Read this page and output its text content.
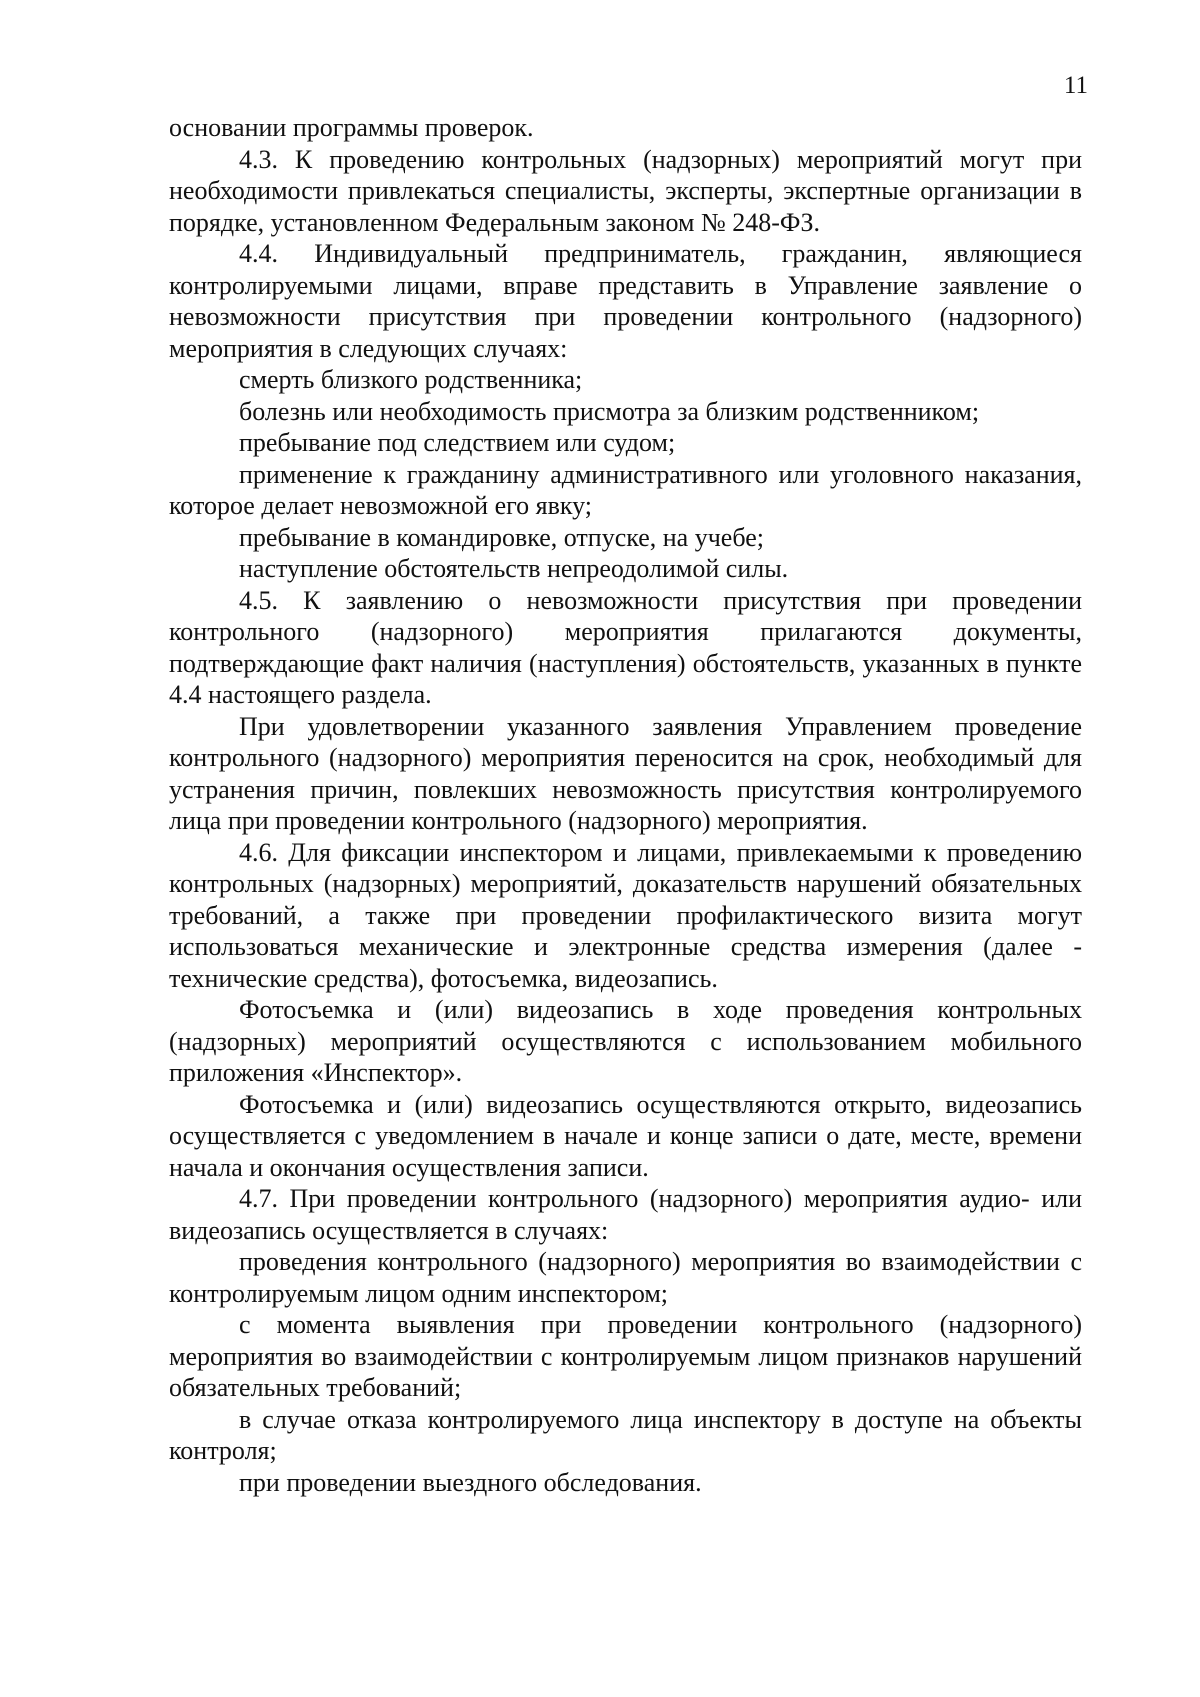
11

основании программы проверок.

4.3. К проведению контрольных (надзорных) мероприятий могут при необходимости привлекаться специалисты, эксперты, экспертные организации в порядке, установленном Федеральным законом № 248-ФЗ.

4.4. Индивидуальный предприниматель, гражданин, являющиеся контролируемыми лицами, вправе представить в Управление заявление о невозможности присутствия при проведении контрольного (надзорного) мероприятия в следующих случаях:

смерть близкого родственника;

болезнь или необходимость присмотра за близким родственником;

пребывание под следствием или судом;

применение к гражданину административного или уголовного наказания, которое делает невозможной его явку;

пребывание в командировке, отпуске, на учебе;

наступление обстоятельств непреодолимой силы.

4.5. К заявлению о невозможности присутствия при проведении контрольного (надзорного) мероприятия прилагаются документы, подтверждающие факт наличия (наступления) обстоятельств, указанных в пункте 4.4 настоящего раздела.

При удовлетворении указанного заявления Управлением проведение контрольного (надзорного) мероприятия переносится на срок, необходимый для устранения причин, повлекших невозможность присутствия контролируемого лица при проведении контрольного (надзорного) мероприятия.

4.6. Для фиксации инспектором и лицами, привлекаемыми к проведению контрольных (надзорных) мероприятий, доказательств нарушений обязательных требований, а также при проведении профилактического визита могут использоваться механические и электронные средства измерения (далее - технические средства), фотосъемка, видеозапись.

Фотосъемка и (или) видеозапись в ходе проведения контрольных (надзорных) мероприятий осуществляются с использованием мобильного приложения «Инспектор».

Фотосъемка и (или) видеозапись осуществляются открыто, видеозапись осуществляется с уведомлением в начале и конце записи о дате, месте, времени начала и окончания осуществления записи.

4.7. При проведении контрольного (надзорного) мероприятия аудио- или видеозапись осуществляется в случаях:

проведения контрольного (надзорного) мероприятия во взаимодействии с контролируемым лицом одним инспектором;

с момента выявления при проведении контрольного (надзорного) мероприятия во взаимодействии с контролируемым лицом признаков нарушений обязательных требований;

в случае отказа контролируемого лица инспектору в доступе на объекты контроля;

при проведении выездного обследования.
